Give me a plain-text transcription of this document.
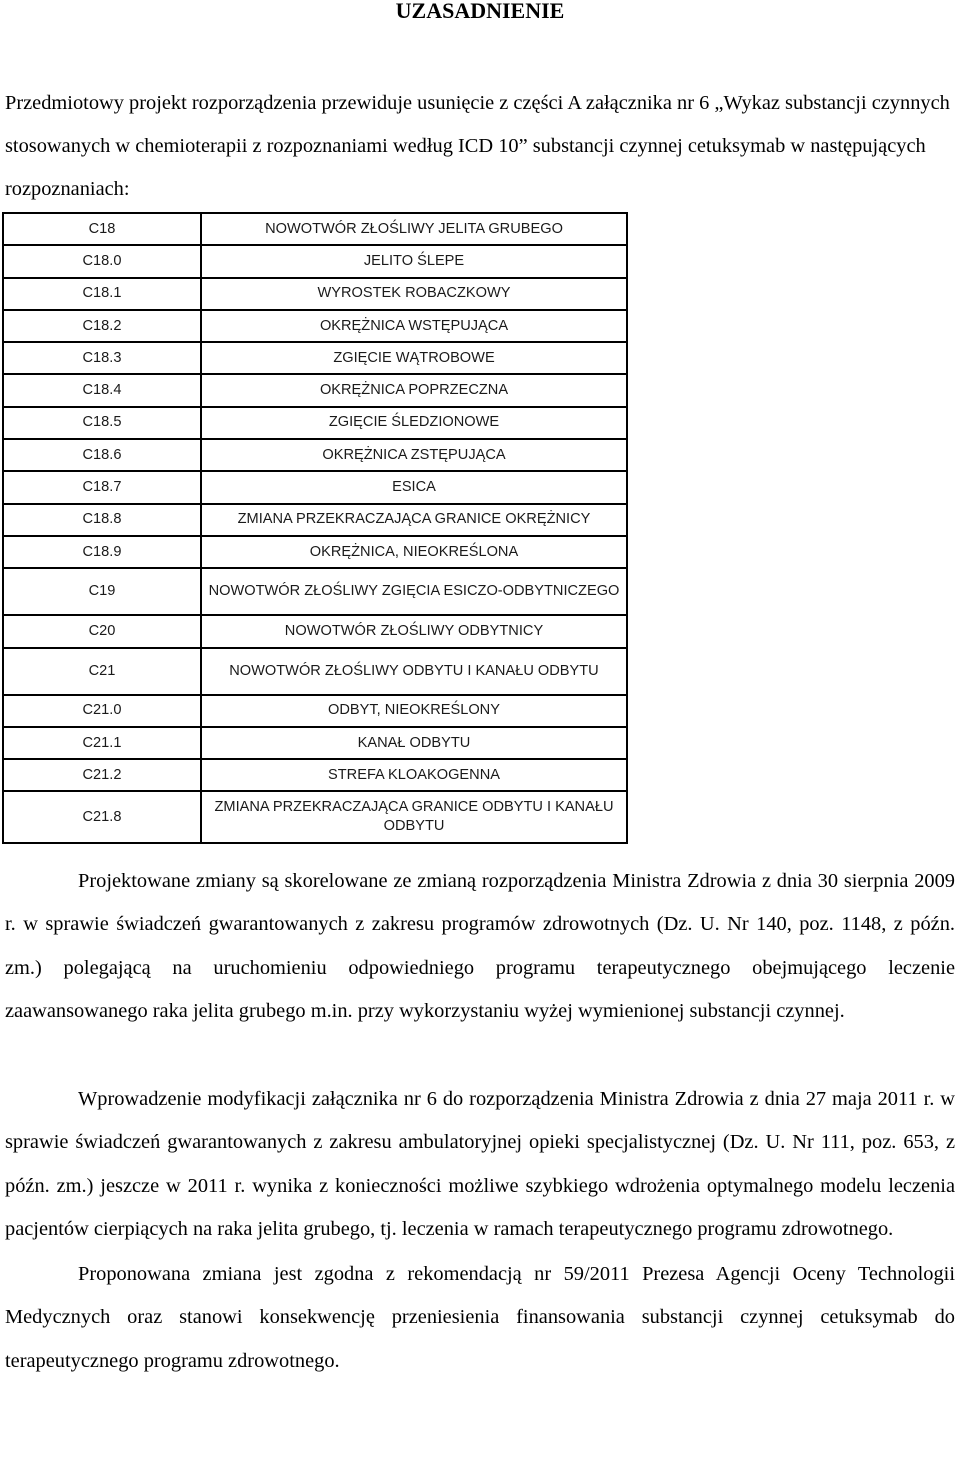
UZASADNIENIE

Przedmiotowy projekt rozporządzenia przewiduje usunięcie z części A załącznika nr 6 „Wykaz substancji czynnych stosowanych w chemioterapii z rozpoznaniami według ICD 10” substancji czynnej cetuksymab w następujących rozpoznaniach:

C18	NOWOTWÓR ZŁOŚLIWY JELITA GRUBEGO
C18.0	JELITO ŚLEPE
C18.1	WYROSTEK ROBACZKOWY
C18.2	OKRĘŻNICA WSTĘPUJĄCA
C18.3	ZGIĘCIE WĄTROBOWE
C18.4	OKRĘŻNICA POPRZECZNA
C18.5	ZGIĘCIE ŚLEDZIONOWE
C18.6	OKRĘŻNICA ZSTĘPUJĄCA
C18.7	ESICA
C18.8	ZMIANA PRZEKRACZAJĄCA GRANICE OKRĘŻNICY
C18.9	OKRĘŻNICA, NIEOKREŚLONA
C19	NOWOTWÓR ZŁOŚLIWY ZGIĘCIA ESICZO-ODBYTNICZEGO
C20	NOWOTWÓR ZŁOŚLIWY ODBYTNICY
C21	NOWOTWÓR ZŁOŚLIWY ODBYTU I KANAŁU ODBYTU
C21.0	ODBYT, NIEOKREŚLONY
C21.1	KANAŁ ODBYTU
C21.2	STREFA KLOAKOGENNA
C21.8	ZMIANA PRZEKRACZAJĄCA GRANICE ODBYTU I KANAŁU ODBYTU

Projektowane zmiany są skorelowane ze zmianą rozporządzenia Ministra Zdrowia z dnia 30 sierpnia 2009 r. w sprawie świadczeń gwarantowanych z zakresu programów zdrowotnych (Dz. U. Nr 140, poz. 1148, z późn. zm.) polegającą na uruchomieniu odpowiedniego programu terapeutycznego obejmującego leczenie zaawansowanego raka jelita grubego m.in. przy wykorzystaniu wyżej wymienionej substancji czynnej.

Wprowadzenie modyfikacji załącznika nr 6 do rozporządzenia Ministra Zdrowia z dnia 27 maja 2011 r. w sprawie świadczeń gwarantowanych z zakresu ambulatoryjnej opieki specjalistycznej (Dz. U. Nr 111, poz. 653, z późn. zm.) jeszcze w 2011 r. wynika z konieczności możliwe szybkiego wdrożenia optymalnego modelu leczenia pacjentów cierpiących na raka jelita grubego, tj. leczenia w ramach terapeutycznego programu zdrowotnego.

Proponowana zmiana jest zgodna z rekomendacją nr 59/2011 Prezesa Agencji Oceny Technologii Medycznych oraz stanowi konsekwencję przeniesienia finansowania substancji czynnej cetuksymab do terapeutycznego programu zdrowotnego.
